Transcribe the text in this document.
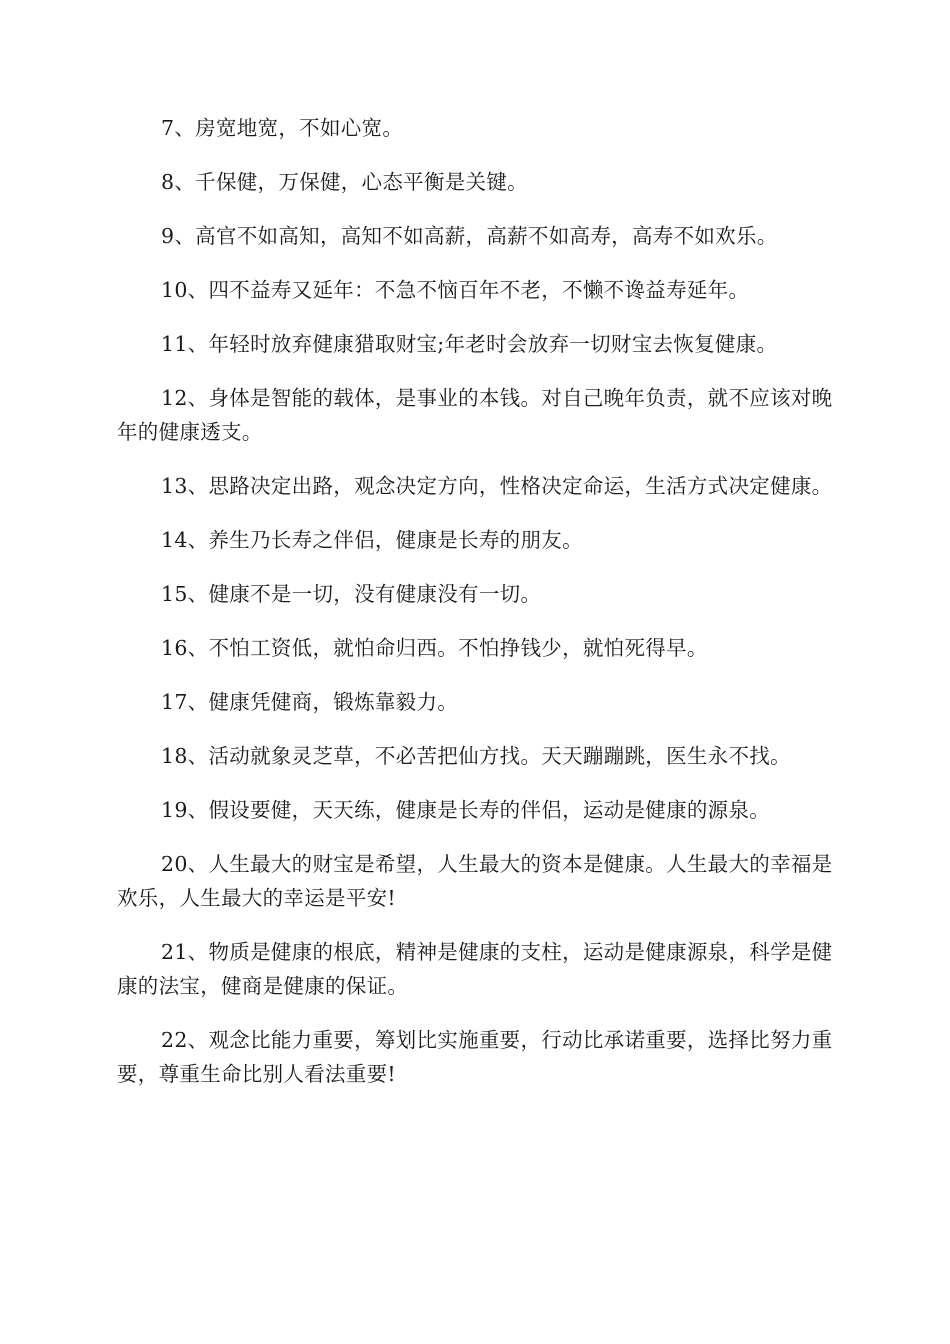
7、房宽地宽，不如心宽。

8、千保健，万保健，心态平衡是关键。

9、高官不如高知，高知不如高薪，高薪不如高寿，高寿不如欢乐。

10、四不益寿又延年：不急不恼百年不老，不懒不谗益寿延年。

11、年轻时放弃健康猎取财宝;年老时会放弃一切财宝去恢复健康。

12、身体是智能的载体，是事业的本钱。对自己晚年负责，就不应该对晚年的健康透支。

13、思路决定出路，观念决定方向，性格决定命运，生活方式决定健康。

14、养生乃长寿之伴侣，健康是长寿的朋友。

15、健康不是一切，没有健康没有一切。

16、不怕工资低，就怕命归西。不怕挣钱少，就怕死得早。

17、健康凭健商，锻炼靠毅力。

18、活动就象灵芝草，不必苦把仙方找。天天蹦蹦跳，医生永不找。

19、假设要健，天天练，健康是长寿的伴侣，运动是健康的源泉。

20、人生最大的财宝是希望，人生最大的资本是健康。人生最大的幸福是欢乐，人生最大的幸运是平安!

21、物质是健康的根底，精神是健康的支柱，运动是健康源泉，科学是健康的法宝，健商是健康的保证。

22、观念比能力重要，筹划比实施重要，行动比承诺重要，选择比努力重要，尊重生命比别人看法重要!
